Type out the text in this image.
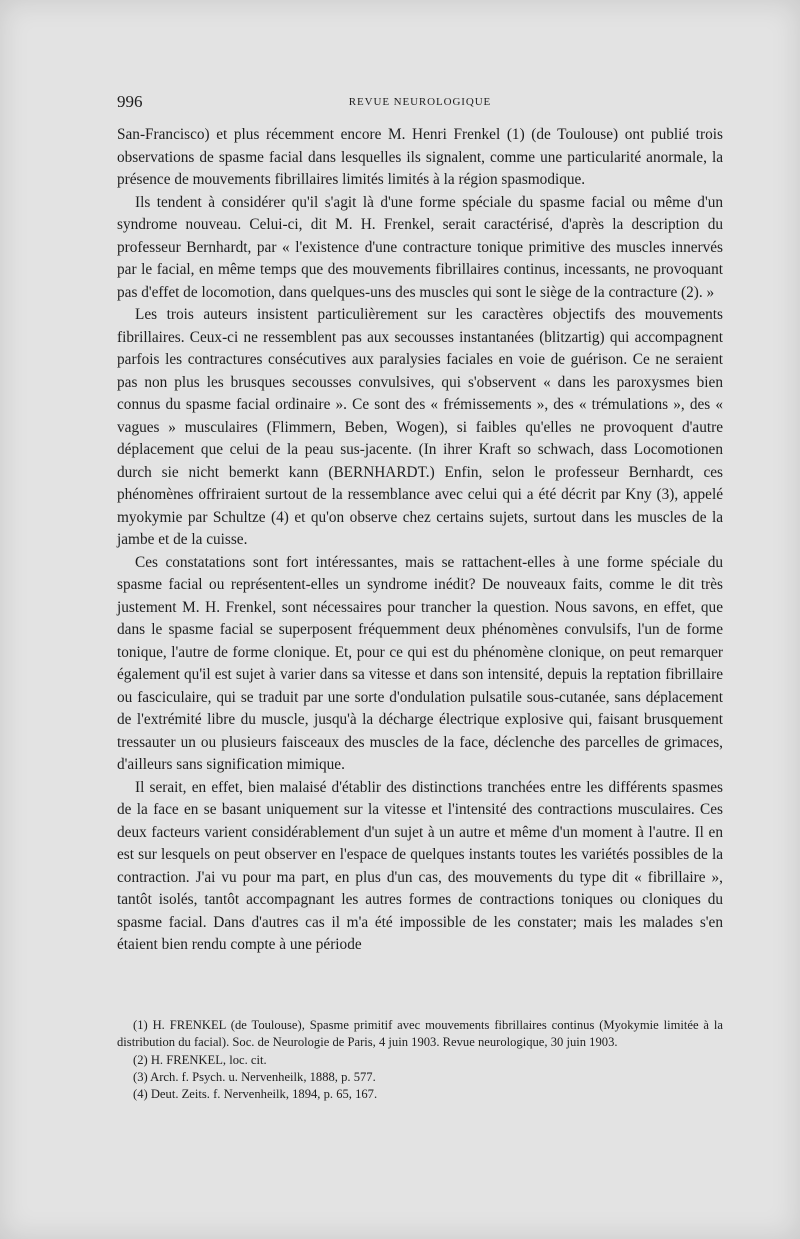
996	REVUE NEUROLOGIQUE

San-Francisco) et plus récemment encore M. Henri Frenkel (1) (de Toulouse) ont publié trois observations de spasme facial dans lesquelles ils signalent, comme une particularité anormale, la présence de mouvements fibrillaires limités limités à la région spasmodique.

Ils tendent à considérer qu'il s'agit là d'une forme spéciale du spasme facial ou même d'un syndrome nouveau. Celui-ci, dit M. H. Frenkel, serait caractérisé, d'après la description du professeur Bernhardt, par « l'existence d'une contracture tonique primitive des muscles innervés par le facial, en même temps que des mouvements fibrillaires continus, incessants, ne provoquant pas d'effet de locomotion, dans quelques-uns des muscles qui sont le siège de la contracture (2). »

Les trois auteurs insistent particulièrement sur les caractères objectifs des mouvements fibrillaires. Ceux-ci ne ressemblent pas aux secousses instantanées (blitzartig) qui accompagnent parfois les contractures consécutives aux paralysies faciales en voie de guérison. Ce ne seraient pas non plus les brusques secousses convulsives, qui s'observent « dans les paroxysmes bien connus du spasme facial ordinaire ». Ce sont des « frémissements », des « trémulations », des « vagues » musculaires (Flimmern, Beben, Wogen), si faibles qu'elles ne provoquent d'autre déplacement que celui de la peau sus-jacente. (In ihrer Kraft so schwach, dass Locomotionen durch sie nicht bemerkt kann (BERNHARDT.) Enfin, selon le professeur Bernhardt, ces phénomènes offriraient surtout de la ressemblance avec celui qui a été décrit par Kny (3), appelé myokymie par Schultze (4) et qu'on observe chez certains sujets, surtout dans les muscles de la jambe et de la cuisse.

Ces constatations sont fort intéressantes, mais se rattachent-elles à une forme spéciale du spasme facial ou représentent-elles un syndrome inédit? De nouveaux faits, comme le dit très justement M. H. Frenkel, sont nécessaires pour trancher la question. Nous savons, en effet, que dans le spasme facial se superposent fréquemment deux phénomènes convulsifs, l'un de forme tonique, l'autre de forme clonique. Et, pour ce qui est du phénomène clonique, on peut remarquer également qu'il est sujet à varier dans sa vitesse et dans son intensité, depuis la reptation fibrillaire ou fasciculaire, qui se traduit par une sorte d'ondulation pulsatile sous-cutanée, sans déplacement de l'extrémité libre du muscle, jusqu'à la décharge électrique explosive qui, faisant brusquement tressauter un ou plusieurs faisceaux des muscles de la face, déclenche des parcelles de grimaces, d'ailleurs sans signification mimique.

Il serait, en effet, bien malaisé d'établir des distinctions tranchées entre les différents spasmes de la face en se basant uniquement sur la vitesse et l'intensité des contractions musculaires. Ces deux facteurs varient considérablement d'un sujet à un autre et même d'un moment à l'autre. Il en est sur lesquels on peut observer en l'espace de quelques instants toutes les variétés possibles de la contraction. J'ai vu pour ma part, en plus d'un cas, des mouvements du type dit « fibrillaire », tantôt isolés, tantôt accompagnant les autres formes de contractions toniques ou cloniques du spasme facial. Dans d'autres cas il m'a été impossible de les constater; mais les malades s'en étaient bien rendu compte à une période

(1) H. FRENKEL (de Toulouse), Spasme primitif avec mouvements fibrillaires continus (Myokymie limitée à la distribution du facial). Soc. de Neurologie de Paris, 4 juin 1903. Revue neurologique, 30 juin 1903.

(2) H. FRENKEL, loc. cit.

(3) Arch. f. Psych. u. Nervenheilk, 1888, p. 577.

(4) Deut. Zeits. f. Nervenheilk, 1894, p. 65, 167.
